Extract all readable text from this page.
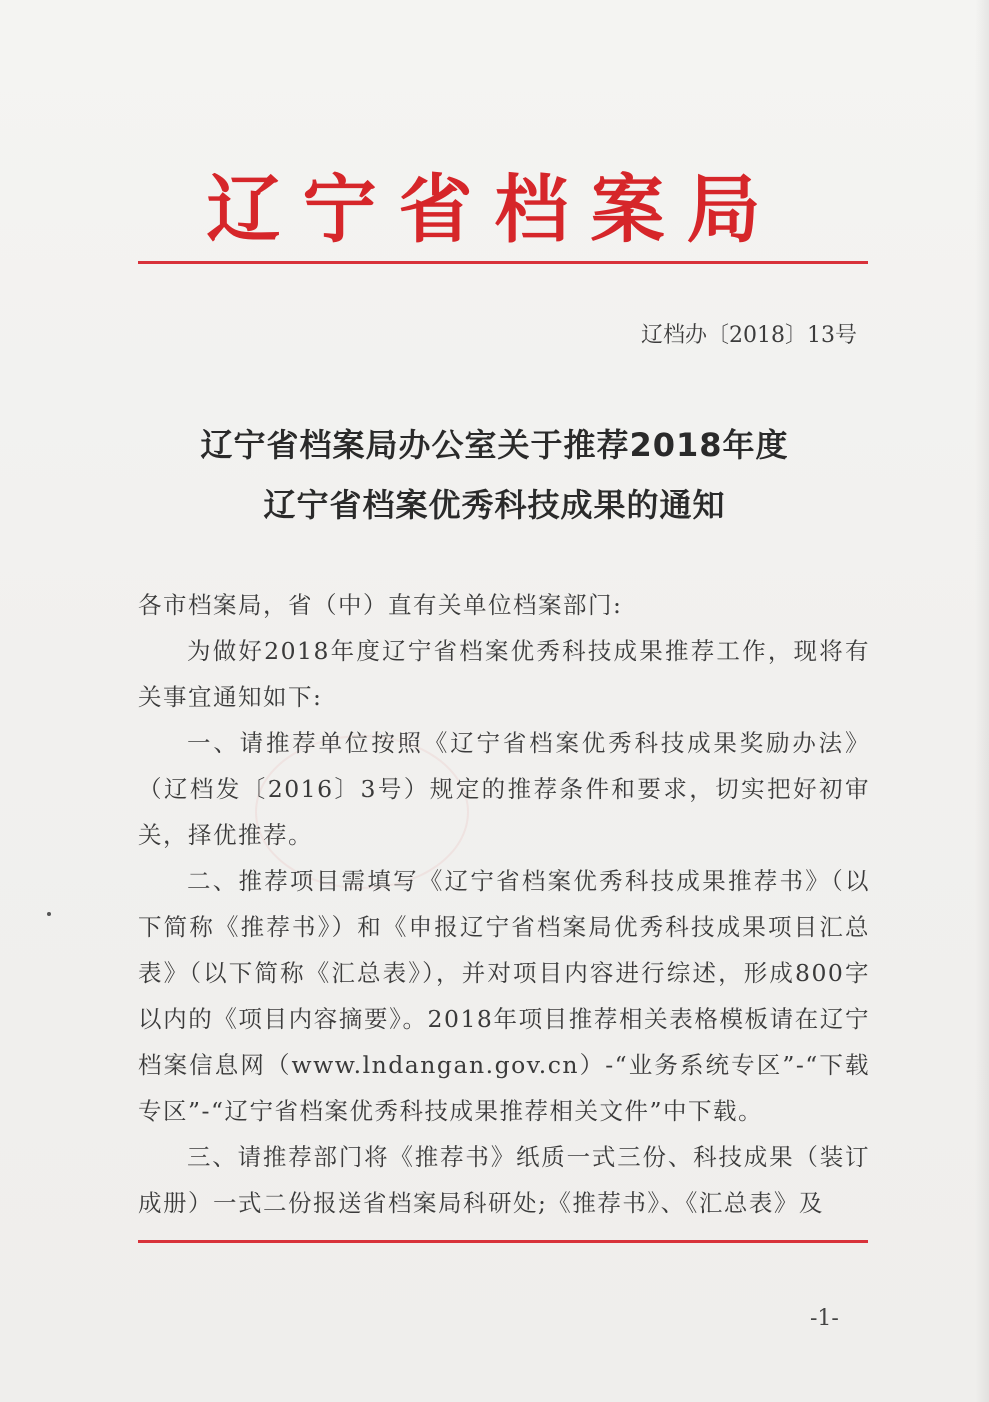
辽宁省档案局
辽档办〔2018〕13号
辽宁省档案局办公室关于推荐2018年度
辽宁省档案优秀科技成果的通知

各市档案局，省（中）直有关单位档案部门:

为做好2018年度辽宁省档案优秀科技成果推荐工作，现将有关事宜通知如下:

一、请推荐单位按照《辽宁省档案优秀科技成果奖励办法》（辽档发〔2016〕3号）规定的推荐条件和要求，切实把好初审关，择优推荐。

二、推荐项目需填写《辽宁省档案优秀科技成果推荐书》（以下简称《推荐书》）和《申报辽宁省档案局优秀科技成果项目汇总表》（以下简称《汇总表》），并对项目内容进行综述，形成800字以内的《项目内容摘要》。2018年项目推荐相关表格模板请在辽宁档案信息网（www.lndangan.gov.cn）-“业务系统专区”-“下载专区”-“辽宁省档案优秀科技成果推荐相关文件”中下载。

三、请推荐部门将《推荐书》纸质一式三份、科技成果（装订成册）一式二份报送省档案局科研处;《推荐书》、《汇总表》及

-1-
